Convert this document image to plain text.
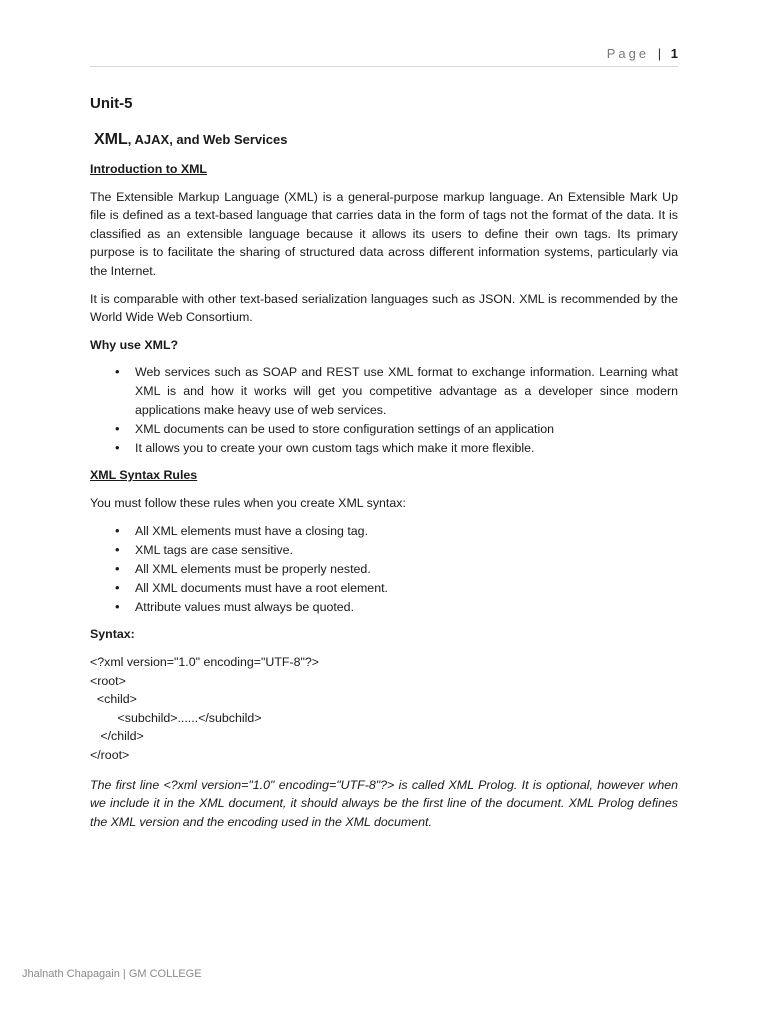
Page | 1
Unit-5
XML, AJAX, and Web Services
Introduction to XML

The Extensible Markup Language (XML) is a general-purpose markup language. An Extensible Mark Up file is defined as a text-based language that carries data in the form of tags not the format of the data. It is classified as an extensible language because it allows its users to define their own tags. Its primary purpose is to facilitate the sharing of structured data across different information systems, particularly via the Internet.

It is comparable with other text-based serialization languages such as JSON. XML is recommended by the World Wide Web Consortium.

Why use XML?
• Web services such as SOAP and REST use XML format to exchange information. Learning what XML is and how it works will get you competitive advantage as a developer since modern applications make heavy use of web services.
• XML documents can be used to store configuration settings of an application
• It allows you to create your own custom tags which make it more flexible.
XML Syntax Rules

You must follow these rules when you create XML syntax:

• All XML elements must have a closing tag.
• XML tags are case sensitive.
• All XML elements must be properly nested.
• All XML documents must have a root element.
• Attribute values must always be quoted.
Syntax:
<?xml version="1.0" encoding="UTF-8"?>
<root>
<child>
<subchild>......</subchild>
</child>
</root>

The first line <?xml version="1.0" encoding="UTF-8"?> is called XML Prolog. It is optional, however when we include it in the XML document, it should always be the first line of the document. XML Prolog defines the XML version and the encoding used in the XML document.

Jhalnath Chapagain | GM COLLEGE
